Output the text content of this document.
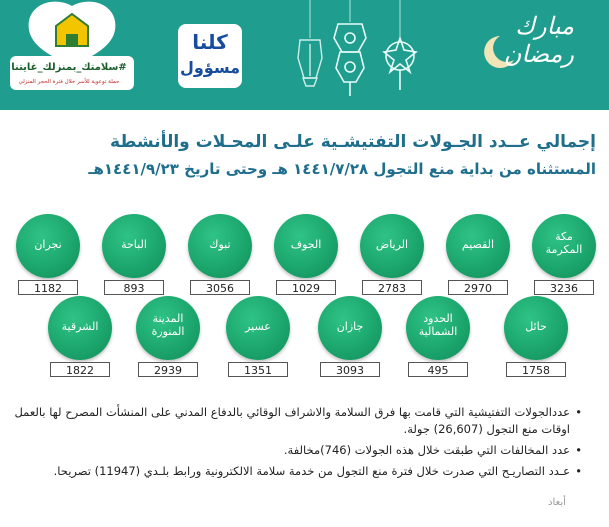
#سلامتك_بمنزلك_غايتنا
حملة توعوية للأسر خلال فترة الحجر المنزلي
كلنا
مسؤول
مبارك
رمضان
إجمالي عــدد الجـولات التفتيشـية علـى المحـلات والأنشطة
المستثناه من بداية منع التجول ١٤٤١/٧/٢٨ هـ وحتى تاريخ ١٤٤١/٩/٢٣هـ
مكة
المكرمة
3236
القصيم
2970
الرياض
2783
الجوف
1029
تبوك
3056
الباحة
893
نجران
1182
حائل
1758
الحدود
الشمالية
495
جازان
3093
عسير
1351
المدينة
المنورة
2939
الشرقية
1822
• عددالجولات التفتيشية التي قامت بها فرق السلامة والاشراف الوقائي بالدفاع المدني على المنشأت المصرح لها بالعمل اوقات منع التجول (26,607) جولة.
• عدد المخالفات التي طبقت خلال هذه الجولات (746)مخالفة.
• عـدد التصاريـح التي صدرت خلال فترة منع التجول من خدمة سلامة الالكترونية ورابط بلـدي (11947) تصريحا.
أبعاد
